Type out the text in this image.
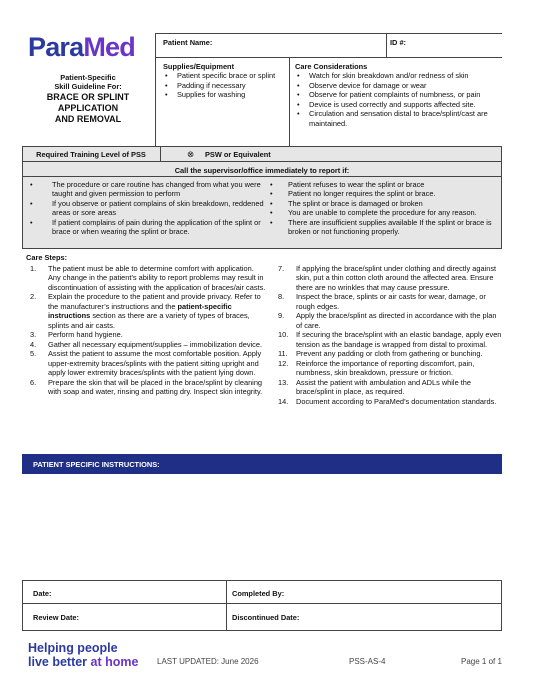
ParaMed	Patient Name:	ID #:
Patient-Specific
Skill Guideline For:
BRACE OR SPLINT
APPLICATION
AND REMOVAL
Supplies/Equipment
• Patient specific brace or splint
• Padding if necessary
• Supplies for washing
Care Considerations
• Watch for skin breakdown and/or redness of skin
• Observe device for damage or wear
• Observe for patient complaints of numbness, or pain
• Device is used correctly and supports affected site.
• Circulation and sensation distal to brace/splint/cast are maintained.
Required Training Level of PSS	⊗ PSW or Equivalent
Call the supervisor/office immediately to report if:
• The procedure or care routine has changed from what you were taught and given permission to perform
• If you observe or patient complains of skin breakdown, reddened areas or sore areas
• If patient complains of pain during the application of the splint or brace or when wearing the splint or brace.
• Patient refuses to wear the splint or brace
• Patient no longer requires the splint or brace.
• The splint or brace is damaged or broken
• You are unable to complete the procedure for any reason.
• There are insufficient supplies available If the splint or brace is broken or not functioning properly.
Care Steps:
1. The patient must be able to determine comfort with application. Any change in the patient’s ability to report problems may result in discontinuation of assisting with the application of braces/air casts.
2. Explain the procedure to the patient and provide privacy. Refer to the manufacturer’s instructions and the patient-specific instructions section as there are a variety of types of braces, splints and air casts.
3. Perform hand hygiene.
4. Gather all necessary equipment/supplies – immobilization device.
5. Assist the patient to assume the most comfortable position. Apply upper-extremity braces/splints with the patient sitting upright and apply lower extremity braces/splints with the patient lying down.
6. Prepare the skin that will be placed in the brace/splint by cleaning with soap and water, rinsing and patting dry. Inspect skin integrity.
7. If applying the brace/splint under clothing and directly against skin, put a thin cotton cloth around the affected area. Ensure there are no wrinkles that may cause pressure.
8. Inspect the brace, splints or air casts for wear, damage, or rough edges.
9. Apply the brace/splint as directed in accordance with the plan of care.
10. If securing the brace/splint with an elastic bandage, apply even tension as the bandage is wrapped from distal to proximal.
11. Prevent any padding or cloth from gathering or bunching.
12. Reinforce the importance of reporting discomfort, pain, numbness, skin breakdown, pressure or friction.
13. Assist the patient with ambulation and ADLs while the brace/splint in place, as required.
14. Document according to ParaMed’s documentation standards.
PATIENT SPECIFIC INSTRUCTIONS:
Date:	Completed By:
Review Date:	Discontinued Date:
Helping people
live better at home LAST UPDATED: June 2026	PSS-AS-4	Page 1 of 1
